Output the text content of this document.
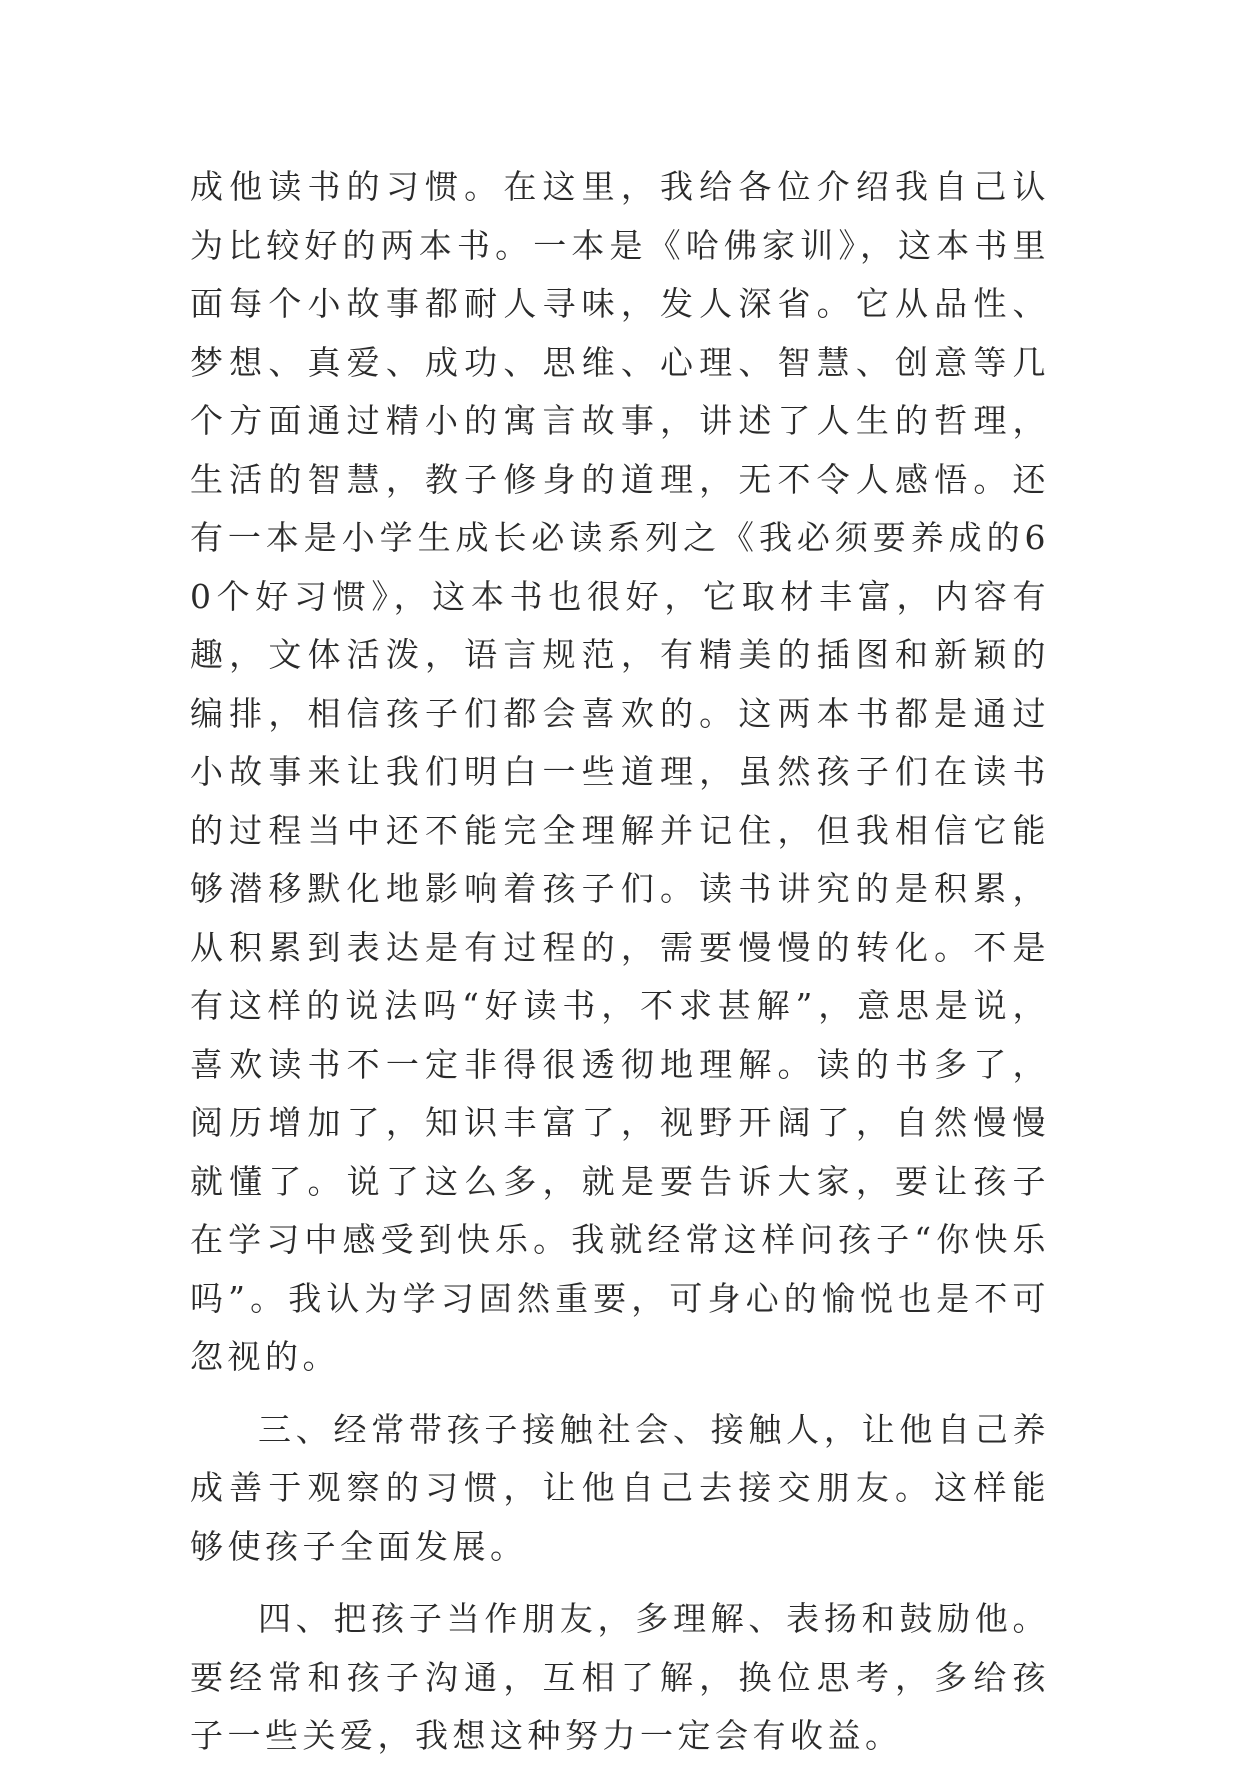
成他读书的习惯。在这里，我给各位介绍我自己认为比较好的两本书。一本是《哈佛家训》，这本书里面每个小故事都耐人寻味，发人深省。它从品性、梦想、真爱、成功、思维、心理、智慧、创意等几个方面通过精小的寓言故事，讲述了人生的哲理，生活的智慧，教子修身的道理，无不令人感悟。还有一本是小学生成长必读系列之《我必须要养成的60个好习惯》，这本书也很好，它取材丰富，内容有趣，文体活泼，语言规范，有精美的插图和新颖的编排，相信孩子们都会喜欢的。这两本书都是通过小故事来让我们明白一些道理，虽然孩子们在读书的过程当中还不能完全理解并记住，但我相信它能够潜移默化地影响着孩子们。读书讲究的是积累，从积累到表达是有过程的，需要慢慢的转化。不是有这样的说法吗“好读书，不求甚解”，意思是说，喜欢读书不一定非得很透彻地理解。读的书多了，阅历增加了，知识丰富了，视野开阔了，自然慢慢就懂了。说了这么多，就是要告诉大家，要让孩子在学习中感受到快乐。我就经常这样问孩子“你快乐吗”。我认为学习固然重要，可身心的愉悦也是不可忽视的。

三、经常带孩子接触社会、接触人，让他自己养成善于观察的习惯，让他自己去接交朋友。这样能够使孩子全面发展。

四、把孩子当作朋友，多理解、表扬和鼓励他。 要经常和孩子沟通，互相了解，换位思考，多给孩子一些关爱，我想这种努力一定会有收益。
